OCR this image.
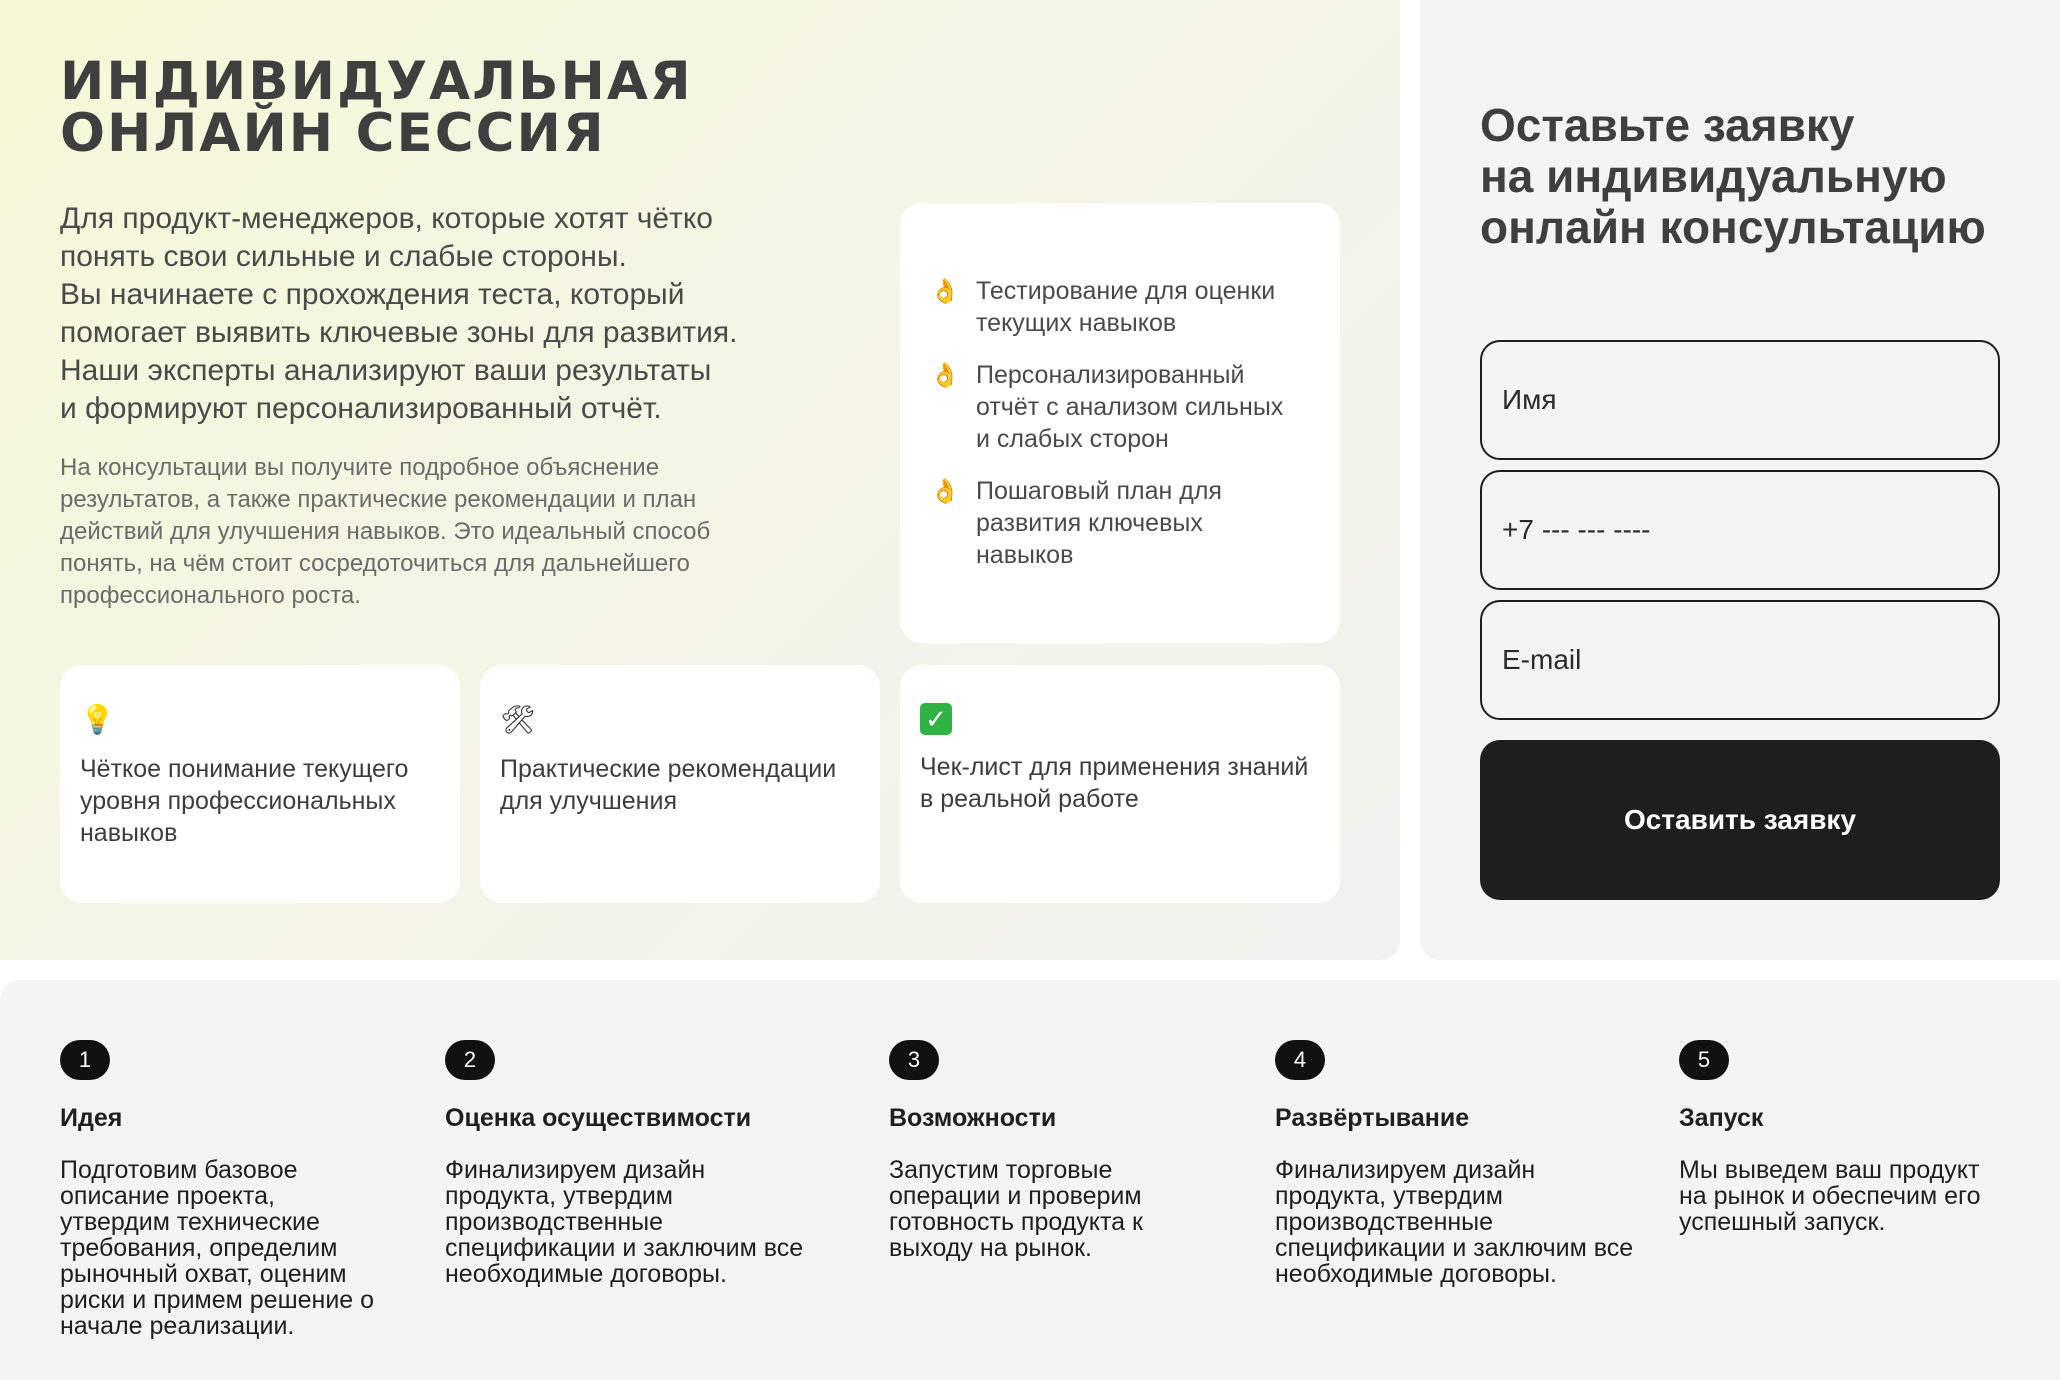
ИНДИВИДУАЛЬНАЯ
ОНЛАЙН СЕССИЯ

Для продукт-менеджеров, которые хотят чётко
понять свои сильные и слабые стороны.
Вы начинаете с прохождения теста, который
помогает выявить ключевые зоны для развития.
Наши эксперты анализируют ваши результаты
и формируют персонализированный отчёт.

На консультации вы получите подробное объяснение результатов, а также практические рекомендации и план действий для улучшения навыков. Это идеальный способ понять, на чём стоит сосредоточиться для дальнейшего профессионального роста.

👌 Тестирование для оценки текущих навыков
👌 Персонализированный отчёт с анализом сильных и слабых сторон
👌 Пошаговый план для развития ключевых навыков
💡
Чёткое понимание текущего уровня профессиональных навыков
🛠
Практические рекомендации для улучшения
✓
Чек-лист для применения знаний в реальной работе
Оставьте заявку
на индивидуальную
онлайн консультацию
Имя
+7 --- --- ----
E-mail
Оставить заявку
1
Идея
Подготовим базовое описание проекта, утвердим технические требования, определим рыночный охват, оценим риски и примем решение о начале реализации.
2
Оценка осуществимости
Финализируем дизайн продукта, утвердим производственные спецификации и заключим все необходимые договоры.
3
Возможности
Запустим торговые операции и проверим готовность продукта к выходу на рынок.
4
Развёртывание
Финализируем дизайн продукта, утвердим производственные спецификации и заключим все необходимые договоры.
5
Запуск
Мы выведем ваш продукт на рынок и обеспечим его успешный запуск.
